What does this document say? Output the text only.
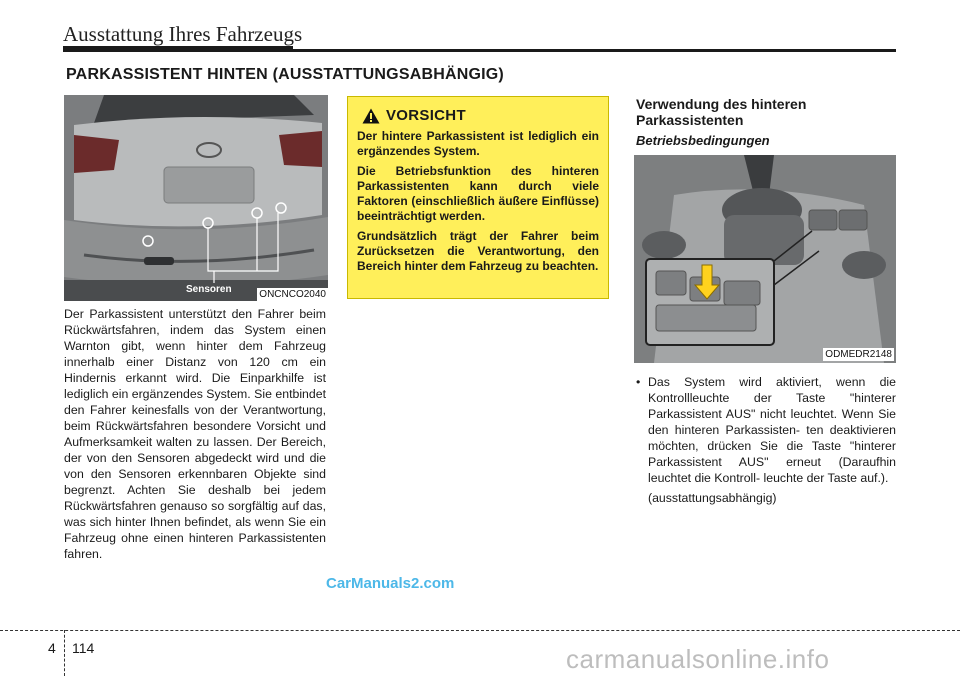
Ausstattung Ihres Fahrzeugs
PARKASSISTENT HINTEN (AUSSTATTUNGSABHÄNGIG)
ONCNCO2040
Sensoren
Der Parkassistent unterstützt den Fahrer beim Rückwärtsfahren, indem das System einen Warnton gibt, wenn hinter dem Fahrzeug innerhalb einer Distanz von 120 cm ein Hindernis erkannt wird. Die Einparkhilfe ist lediglich ein ergänzendes System. Sie entbindet den Fahrer keinesfalls von der Verantwortung, beim Rückwärtsfahren besondere Vorsicht und Aufmerksamkeit walten zu lassen. Der Bereich, der von den Sensoren abgedeckt wird und die von den Sensoren erkennbaren Objekte sind begrenzt. Achten Sie deshalb bei jedem Rückwärtsfahren genauso so sorgfältig auf das, was sich hinter Ihnen befindet, als wenn Sie ein Fahrzeug ohne einen hinteren Parkassistenten fahren.
VORSICHT

Der hintere Parkassistent ist lediglich ein ergänzendes System.

Die Betriebsfunktion des hinteren Parkassistenten kann durch viele Faktoren (einschließlich äußere Einflüsse) beeinträchtigt werden.

Grundsätzlich trägt der Fahrer beim Zurücksetzen die Verantwortung, den Bereich hinter dem Fahrzeug zu beachten.

Verwendung des hinteren Parkassistenten
Betriebsbedingungen
ODMEDR2148
• Das System wird aktiviert, wenn die Kontrollleuchte der Taste "hinterer Parkassistent AUS" nicht leuchtet. Wenn Sie den hinteren Parkassisten- ten deaktivieren möchten, drücken Sie die Taste "hinterer Parkassistent AUS" erneut (Daraufhin leuchtet die Kontroll- leuchte der Taste auf.).
(ausstattungsabhängig)
CarManuals2.com
4 114	carmanualsonline.info
